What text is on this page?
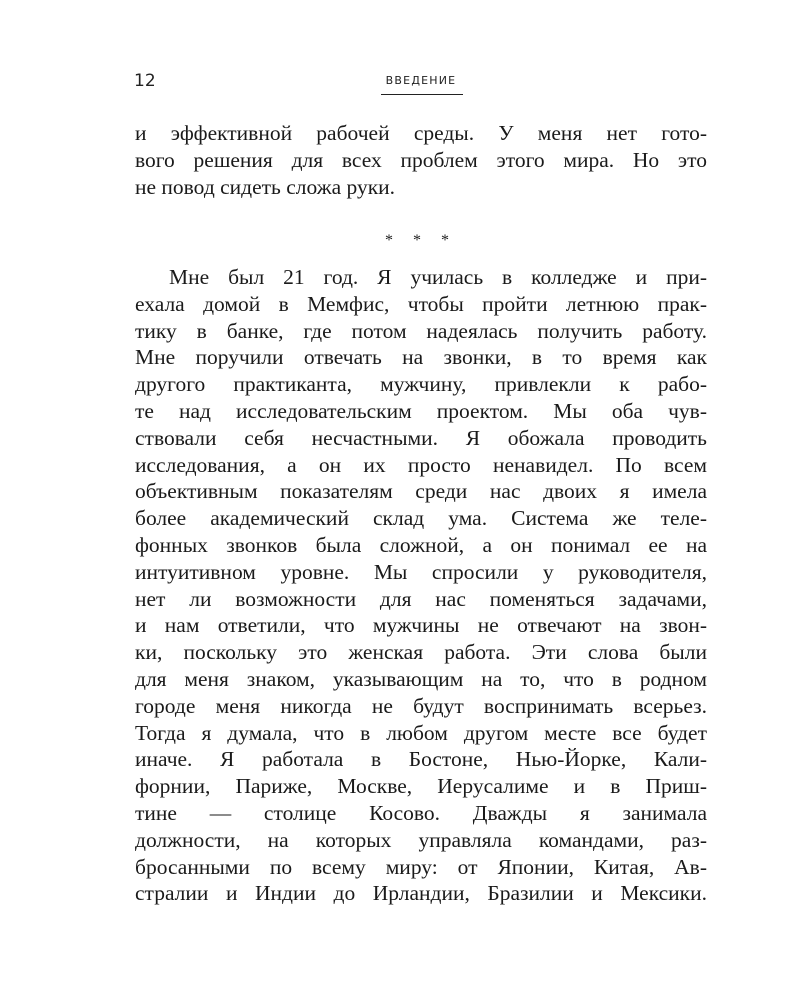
12	ВВЕДЕНИЕ
и эффективной рабочей среды. У меня нет гото-
вого решения для всех проблем этого мира. Но это
не повод сидеть сложа руки.
* * *
Мне был 21 год. Я училась в колледже и при-
ехала домой в Мемфис, чтобы пройти летнюю прак-
тику в банке, где потом надеялась получить работу.
Мне поручили отвечать на звонки, в то время как
другого практиканта, мужчину, привлекли к рабо-
те над исследовательским проектом. Мы оба чув-
ствовали себя несчастными. Я обожала проводить
исследования, а он их просто ненавидел. По всем
объективным показателям среди нас двоих я имела
более академический склад ума. Система же теле-
фонных звонков была сложной, а он понимал ее на
интуитивном уровне. Мы спросили у руководителя,
нет ли возможности для нас поменяться задачами,
и нам ответили, что мужчины не отвечают на звон-
ки, поскольку это женская работа. Эти слова были
для меня знаком, указывающим на то, что в родном
городе меня никогда не будут воспринимать всерьез.
Тогда я думала, что в любом другом месте все будет
иначе. Я работала в Бостоне, Нью-Йорке, Кали-
форнии, Париже, Москве, Иерусалиме и в Приш-
тине — столице Косово. Дважды я занимала
должности, на которых управляла командами, раз-
бросанными по всему миру: от Японии, Китая, Ав-
стралии и Индии до Ирландии, Бразилии и Мексики.
